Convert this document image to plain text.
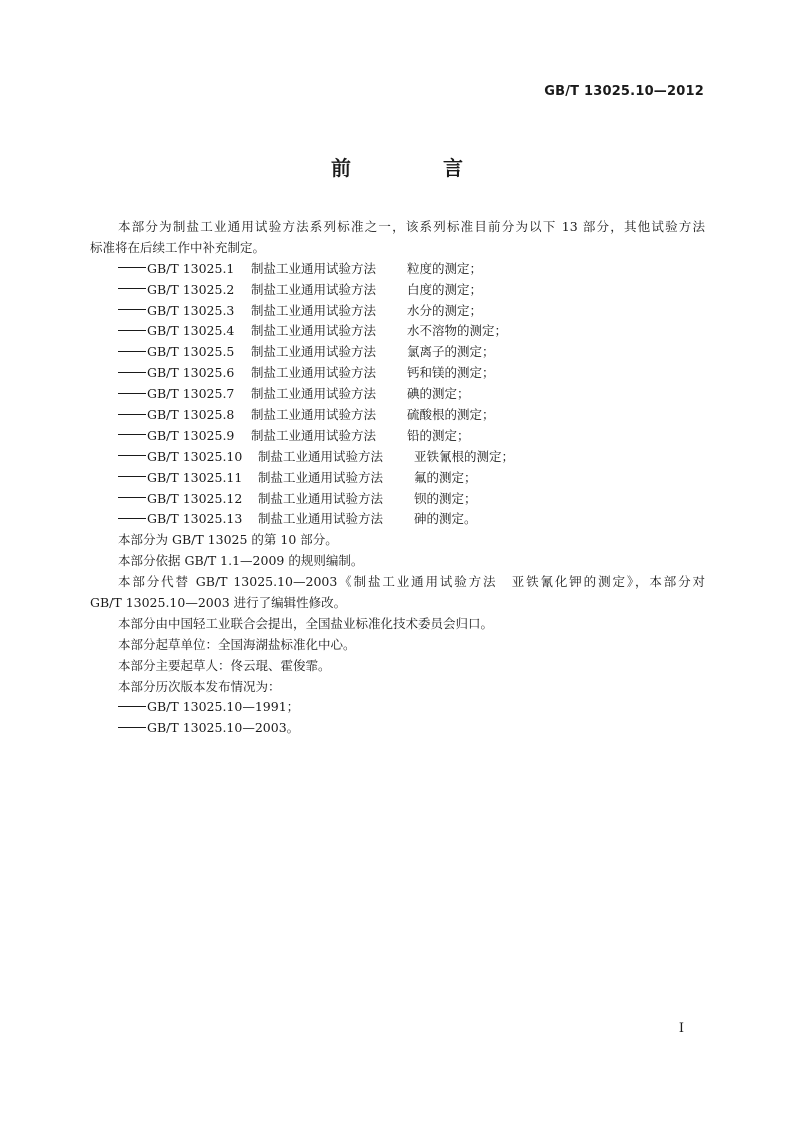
GB/T 13025.10—2012
前　言
本部分为制盐工业通用试验方法系列标准之一，该系列标准目前分为以下 13 部分，其他试验方法
标准将在后续工作中补充制定。
GB/T 13025.1 制盐工业通用试验方法 粒度的测定；
GB/T 13025.2 制盐工业通用试验方法 白度的测定；
GB/T 13025.3 制盐工业通用试验方法 水分的测定；
GB/T 13025.4 制盐工业通用试验方法 水不溶物的测定；
GB/T 13025.5 制盐工业通用试验方法 氯离子的测定；
GB/T 13025.6 制盐工业通用试验方法 钙和镁的测定；
GB/T 13025.7 制盐工业通用试验方法 碘的测定；
GB/T 13025.8 制盐工业通用试验方法 硫酸根的测定；
GB/T 13025.9 制盐工业通用试验方法 铅的测定；
GB/T 13025.10 制盐工业通用试验方法 亚铁氰根的测定；
GB/T 13025.11 制盐工业通用试验方法 氟的测定；
GB/T 13025.12 制盐工业通用试验方法 钡的测定；
GB/T 13025.13 制盐工业通用试验方法 砷的测定。
本部分为 GB/T 13025 的第 10 部分。
本部分依据 GB/T 1.1—2009 的规则编制。
本部分代替 GB/T 13025.10—2003《制盐工业通用试验方法　亚铁氰化钾的测定》，本部分对
GB/T 13025.10—2003 进行了编辑性修改。
本部分由中国轻工业联合会提出，全国盐业标准化技术委员会归口。
本部分起草单位：全国海湖盐标准化中心。
本部分主要起草人：佟云琨、霍俊霏。
本部分历次版本发布情况为：
GB/T 13025.10—1991；
GB/T 13025.10—2003。
I
